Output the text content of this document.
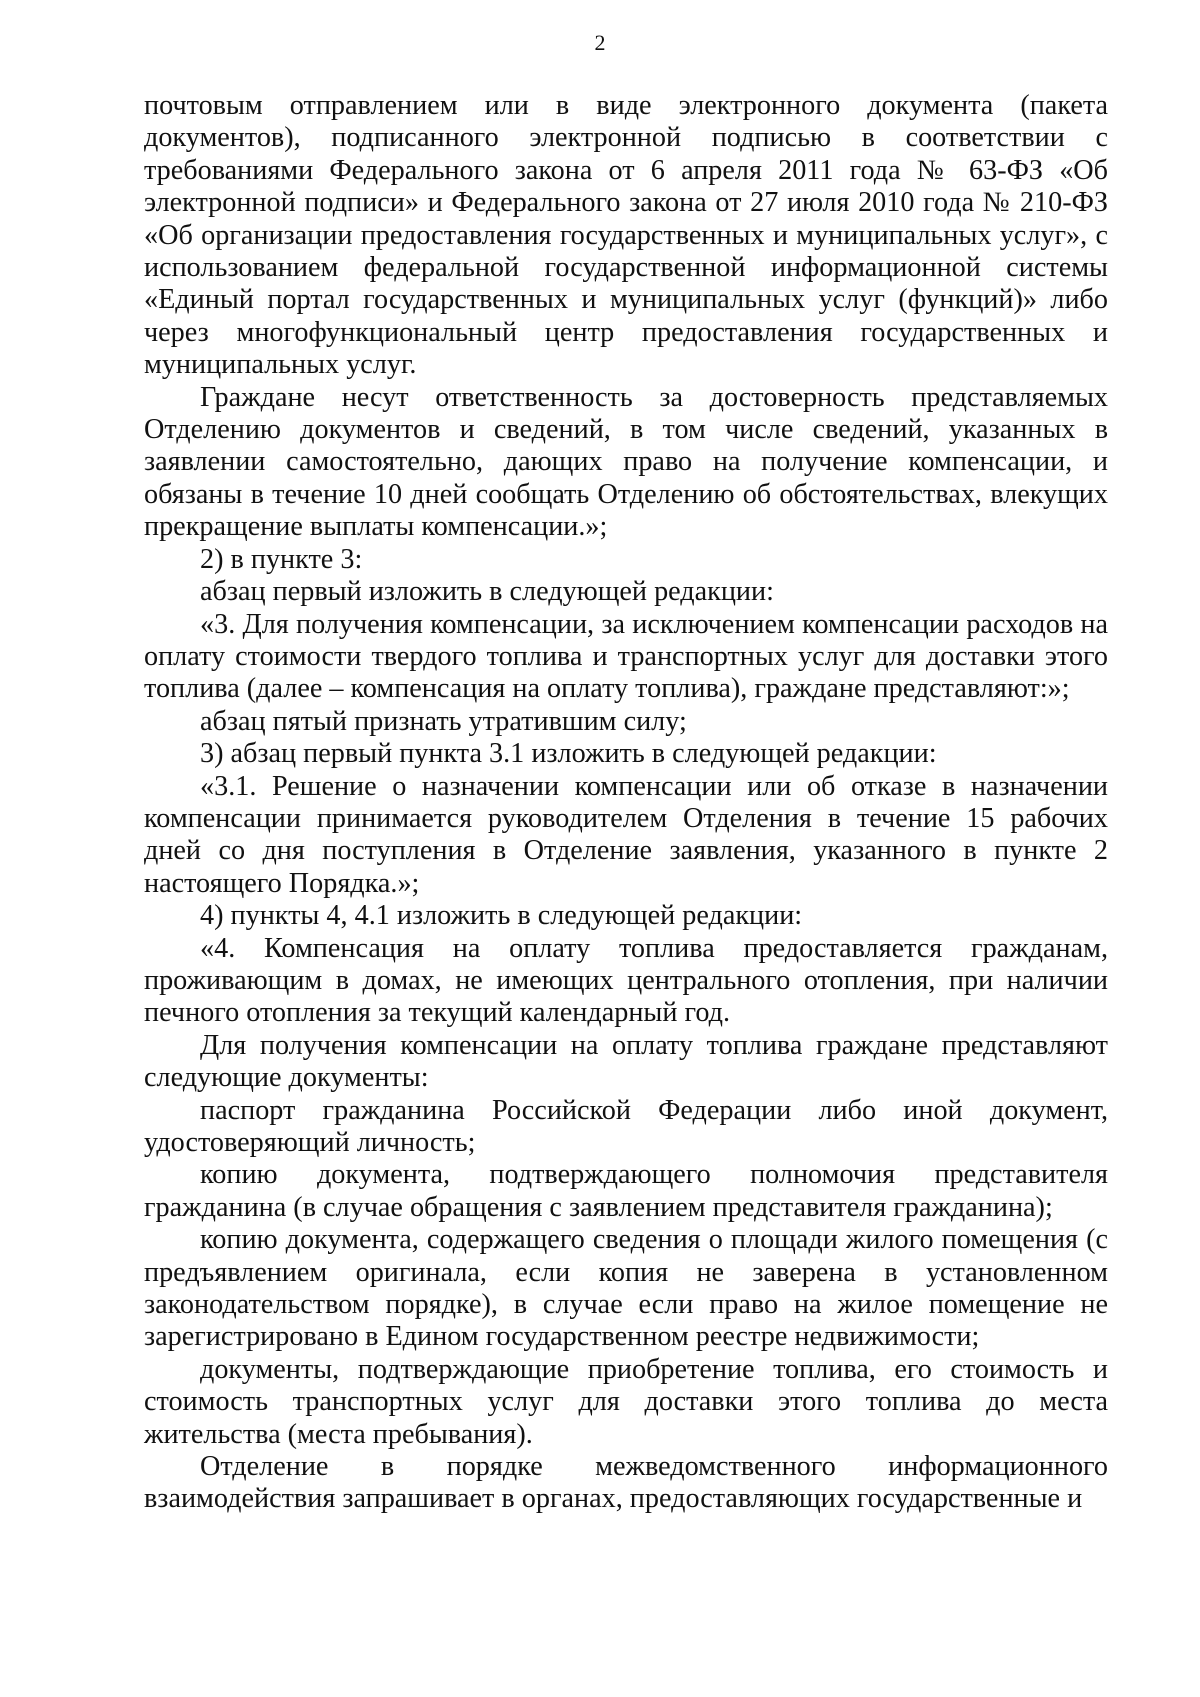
2

почтовым отправлением или в виде электронного документа (пакета документов), подписанного электронной подписью в соответствии с требованиями Федерального закона от 6 апреля 2011 года № 63-ФЗ «Об электронной подписи» и Федерального закона от 27 июля 2010 года № 210-ФЗ «Об организации предоставления государственных и муниципальных услуг», с использованием федеральной государственной информационной системы «Единый портал государственных и муниципальных услуг (функций)» либо через многофункциональный центр предоставления государственных и муниципальных услуг.

Граждане несут ответственность за достоверность представляемых Отделению документов и сведений, в том числе сведений, указанных в заявлении самостоятельно, дающих право на получение компенсации, и обязаны в течение 10 дней сообщать Отделению об обстоятельствах, влекущих прекращение выплаты компенсации.»;

2) в пункте 3:

абзац первый изложить в следующей редакции:

«3. Для получения компенсации, за исключением компенсации расходов на оплату стоимости твердого топлива и транспортных услуг для доставки этого топлива (далее – компенсация на оплату топлива), граждане представляют:»;

абзац пятый признать утратившим силу;

3) абзац первый пункта 3.1 изложить в следующей редакции:

«3.1. Решение о назначении компенсации или об отказе в назначении компенсации принимается руководителем Отделения в течение 15 рабочих дней со дня поступления в Отделение заявления, указанного в пункте 2 настоящего Порядка.»;

4) пункты 4, 4.1 изложить в следующей редакции:

«4. Компенсация на оплату топлива предоставляется гражданам, проживающим в домах, не имеющих центрального отопления, при наличии печного отопления за текущий календарный год.

Для получения компенсации на оплату топлива граждане представляют следующие документы:

паспорт гражданина Российской Федерации либо иной документ, удостоверяющий личность;

копию документа, подтверждающего полномочия представителя гражданина (в случае обращения с заявлением представителя гражданина);

копию документа, содержащего сведения о площади жилого помещения (с предъявлением оригинала, если копия не заверена в установленном законодательством порядке), в случае если право на жилое помещение не зарегистрировано в Едином государственном реестре недвижимости;

документы, подтверждающие приобретение топлива, его стоимость и стоимость транспортных услуг для доставки этого топлива до места жительства (места пребывания).

Отделение в порядке межведомственного информационного взаимодействия запрашивает в органах, предоставляющих государственные и
